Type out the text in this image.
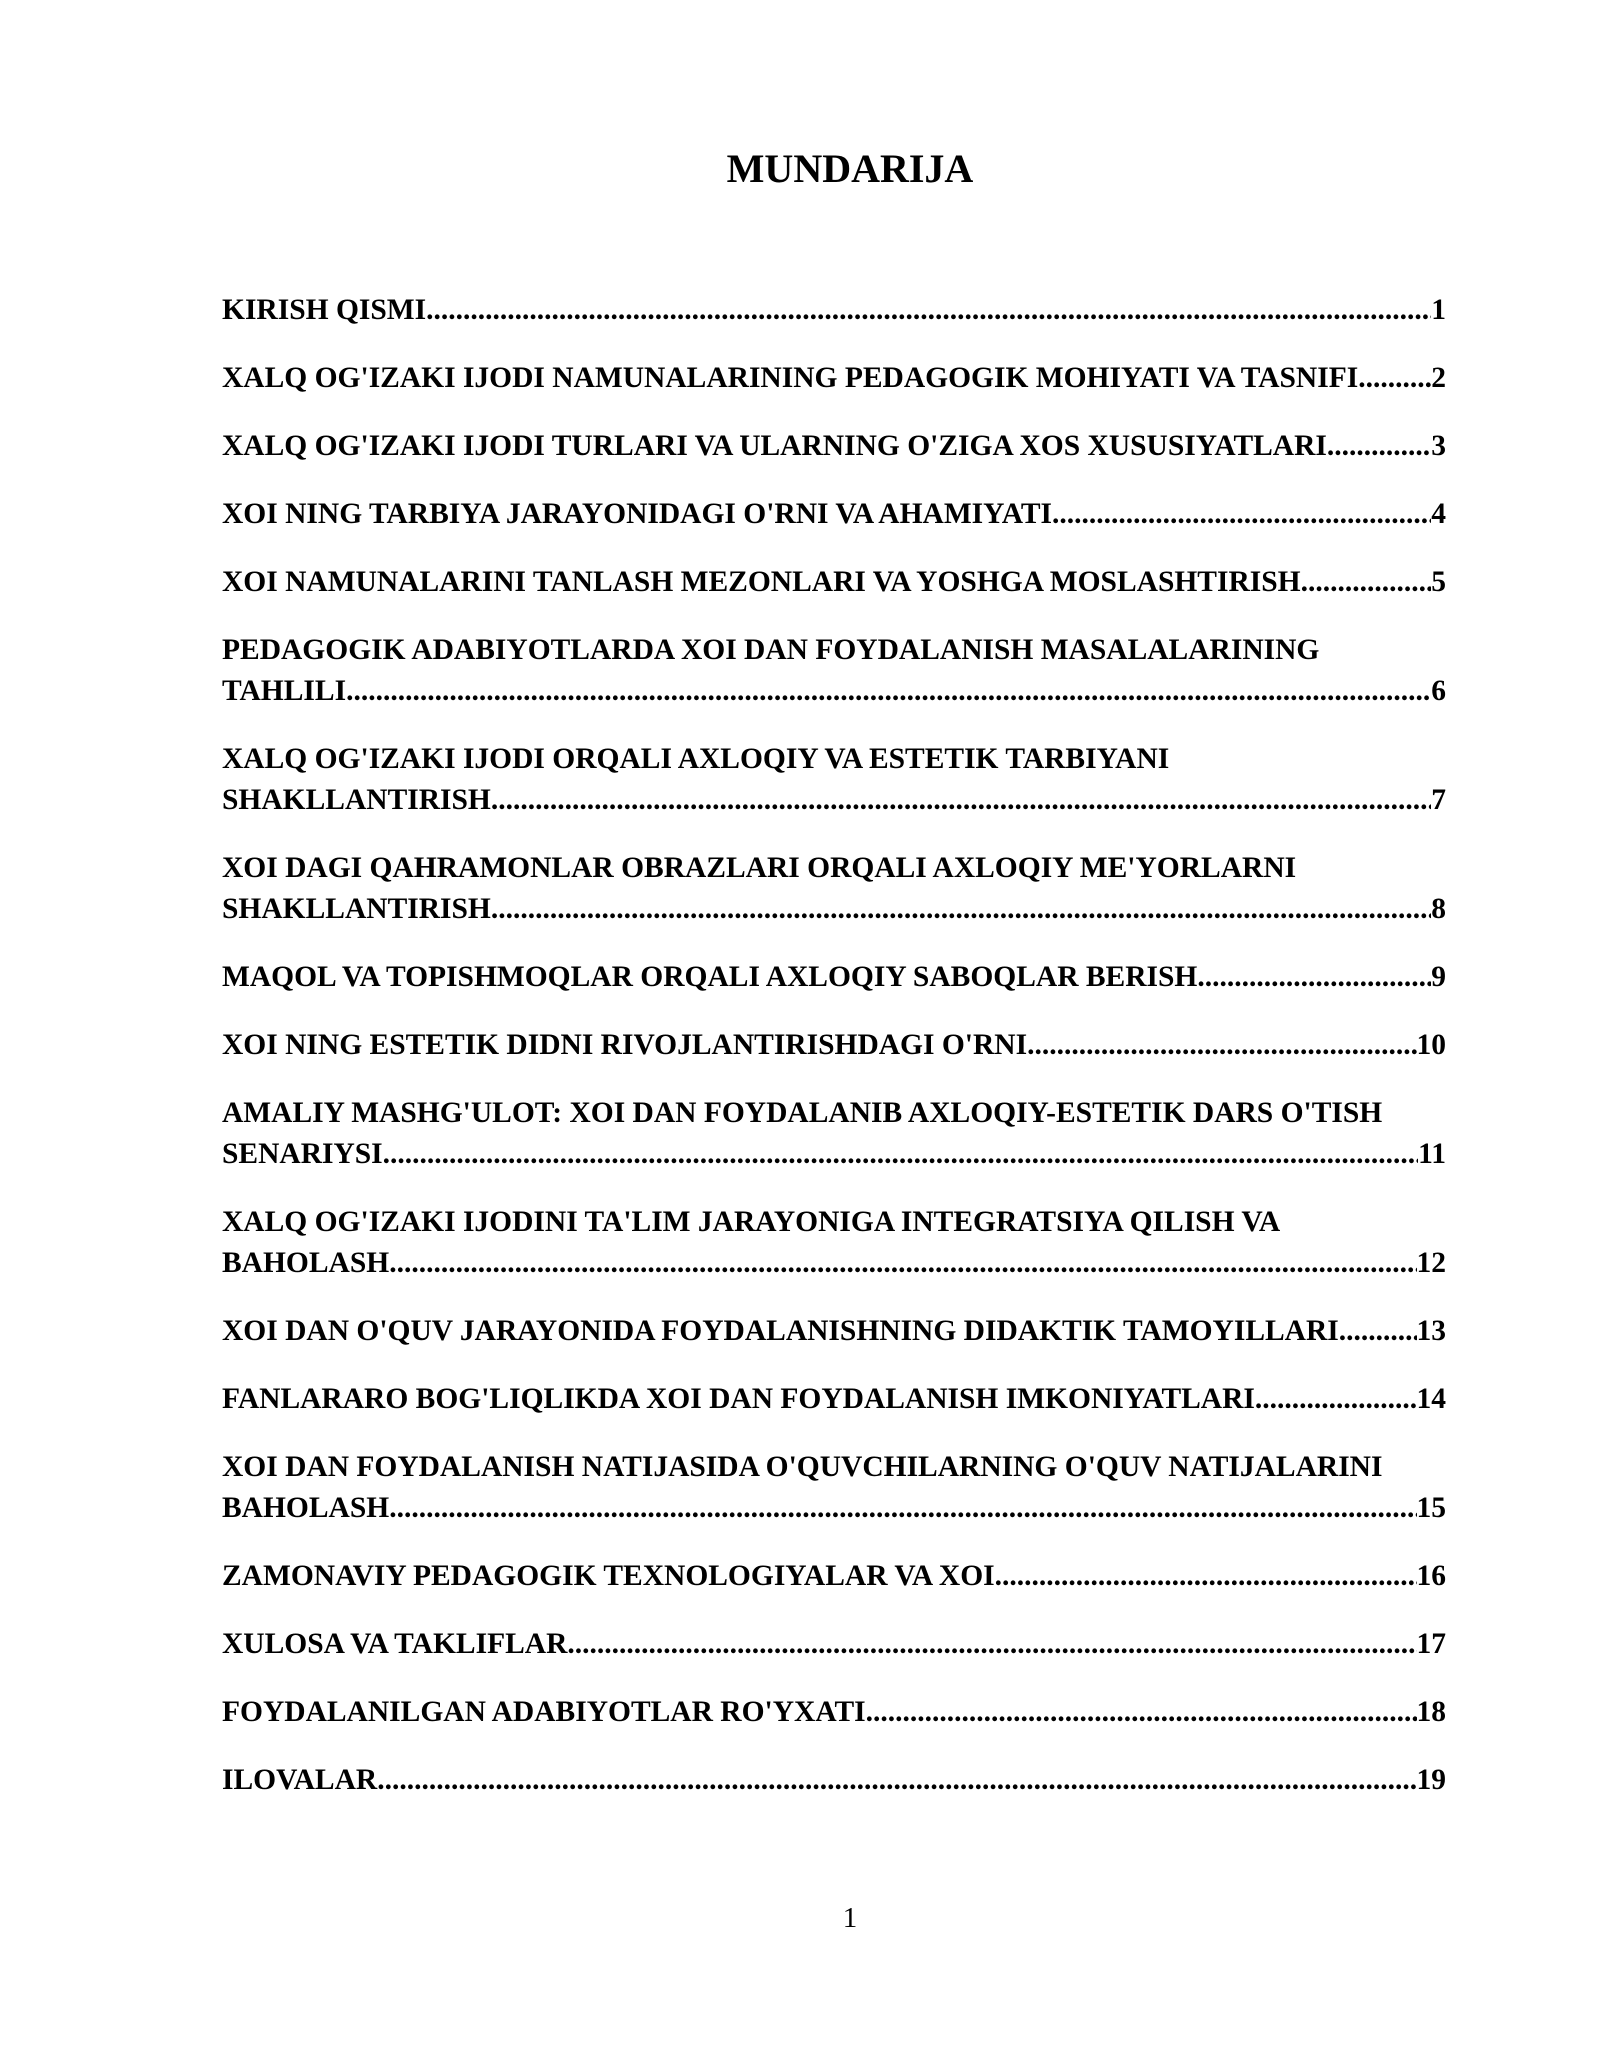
MUNDARIJA
KIRISH QISMI .....	1
XALQ OG'IZAKI IJODI NAMUNALARINING PEDAGOGIK MOHIYATI VA TASNIFI ..... 2
XALQ OG'IZAKI IJODI TURLARI VA ULARNING O'ZIGA XOS XUSUSIYATLARI. .....	3
XOI NING TARBIYA JARAYONIDAGI O'RNI VA AHAMIYATI .....	4
XOI NAMUNALARINI TANLASH MEZONLARI VA YOSHGA MOSLASHTIRISH .....	5
PEDAGOGIK ADABIYOTLARDA XOI DAN FOYDALANISH MASALALARINING
TAHLILI .....	6
XALQ OG'IZAKI IJODI ORQALI AXLOQIY VA ESTETIK TARBIYANI
SHAKLLANTIRISH .....	7
XOI DAGI QAHRAMONLAR OBRAZLARI ORQALI AXLOQIY ME'YORLARNI
SHAKLLANTIRISH .....	8
MAQOL VA TOPISHMOQLAR ORQALI AXLOQIY SABOQLAR BERISH .....	9
XOI NING ESTETIK DIDNI RIVOJLANTIRISHDAGI O'RNI .....	10
AMALIY MASHG'ULOT: XOI DAN FOYDALANIB AXLOQIY-ESTETIK DARS O'TISH
SENARIYSI .....	11
XALQ OG'IZAKI IJODINI TA'LIM JARAYONIGA INTEGRATSIYA QILISH VA
BAHOLASH .....	12
XOI DAN O'QUV JARAYONIDA FOYDALANISHNING DIDAKTIK TAMOYILLARI .....	13
FANLARARO BOG'LIQLIKDA XOI DAN FOYDALANISH IMKONIYATLARI .....	14
XOI DAN FOYDALANISH NATIJASIDA O'QUVCHILARNING O'QUV NATIJALARINI
BAHOLASH .....	15
ZAMONAVIY PEDAGOGIK TEXNOLOGIYALAR VA XOI .....	16
XULOSA VA TAKLIFLAR .....	17
FOYDALANILGAN ADABIYOTLAR RO'YXATI .....	18
ILOVALAR .....	19
1
